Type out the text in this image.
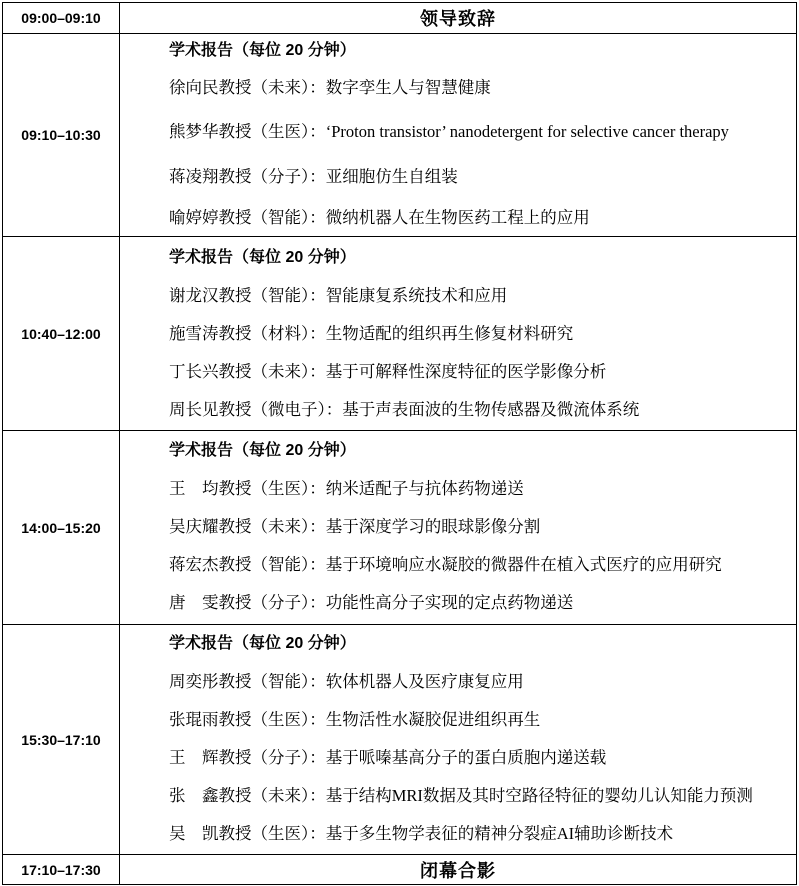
09:00–09:10	领导致辞
09:10–10:30
学术报告（每位 20 分钟）
徐向民教授（未来）：数字孪生人与智慧健康
熊梦华教授（生医）：‘Proton transistor’ nanodetergent for selective cancer therapy
蒋凌翔教授（分子）：亚细胞仿生自组装
喻婷婷教授（智能）：微纳机器人在生物医药工程上的应用
10:40–12:00
学术报告（每位 20 分钟）
谢龙汉教授（智能）：智能康复系统技术和应用
施雪涛教授（材料）：生物适配的组织再生修复材料研究
丁长兴教授（未来）：基于可解释性深度特征的医学影像分析
周长见教授（微电子）：基于声表面波的生物传感器及微流体系统
14:00–15:20
学术报告（每位 20 分钟）
王　均教授（生医）：纳米适配子与抗体药物递送
吴庆耀教授（未来）：基于深度学习的眼球影像分割
蒋宏杰教授（智能）：基于环境响应水凝胶的微器件在植入式医疗的应用研究
唐　雯教授（分子）：功能性高分子实现的定点药物递送
15:30–17:10
学术报告（每位 20 分钟）
周奕彤教授（智能）：软体机器人及医疗康复应用
张琨雨教授（生医）：生物活性水凝胶促进组织再生
王　辉教授（分子）：基于哌嗪基高分子的蛋白质胞内递送载
张　鑫教授（未来）：基于结构MRI数据及其时空路径特征的婴幼儿认知能力预测
吴　凯教授（生医）：基于多生物学表征的精神分裂症AI辅助诊断技术
17:10–17:30	闭幕合影
